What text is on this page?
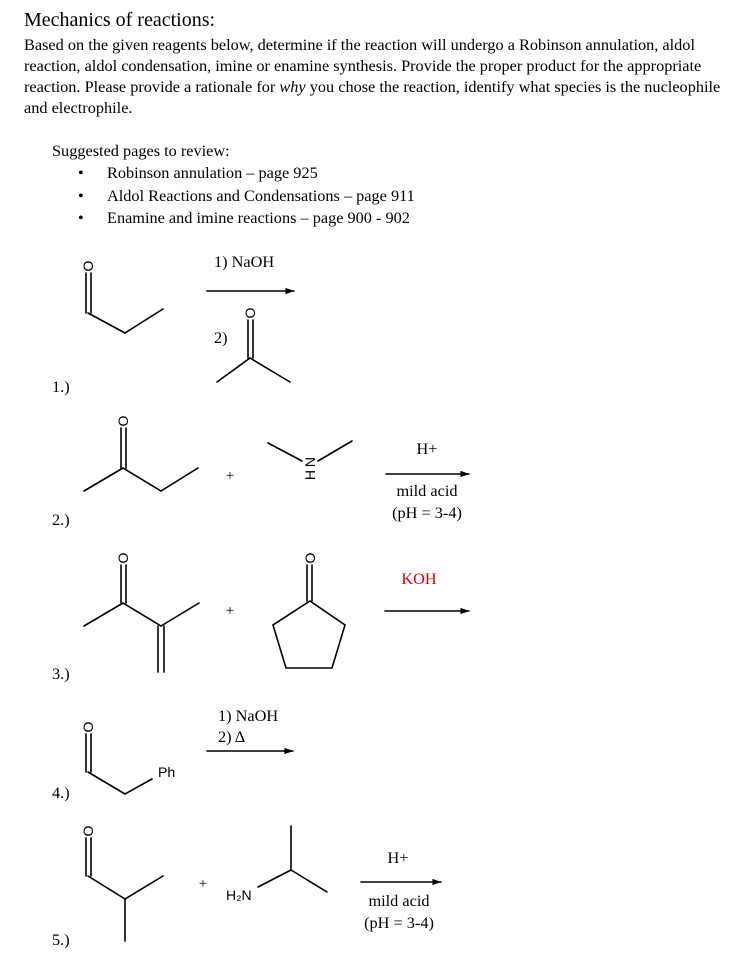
Mechanics of reactions:
Based on the given reagents below, determine if the reaction will undergo a Robinson annulation, aldol reaction, aldol condensation, imine or enamine synthesis. Provide the proper product for the appropriate reaction. Please provide a rationale for why you chose the reaction, identify what species is the nucleophile and electrophile.
Suggested pages to review:
• Robinson annulation – page 925
• Aldol Reactions and Condensations – page 911
• Enamine and imine reactions – page 900 - 902
1.)
1) NaOH
2)
O
O
2.)
+
H+
mild acid
(pH = 3-4)
O
N
H
3.)
+
KOH
O	O
4.)
1) NaOH
2) Δ
O
Ph
5.)
+
H+
mild acid
(pH = 3-4)
O
H₂N
